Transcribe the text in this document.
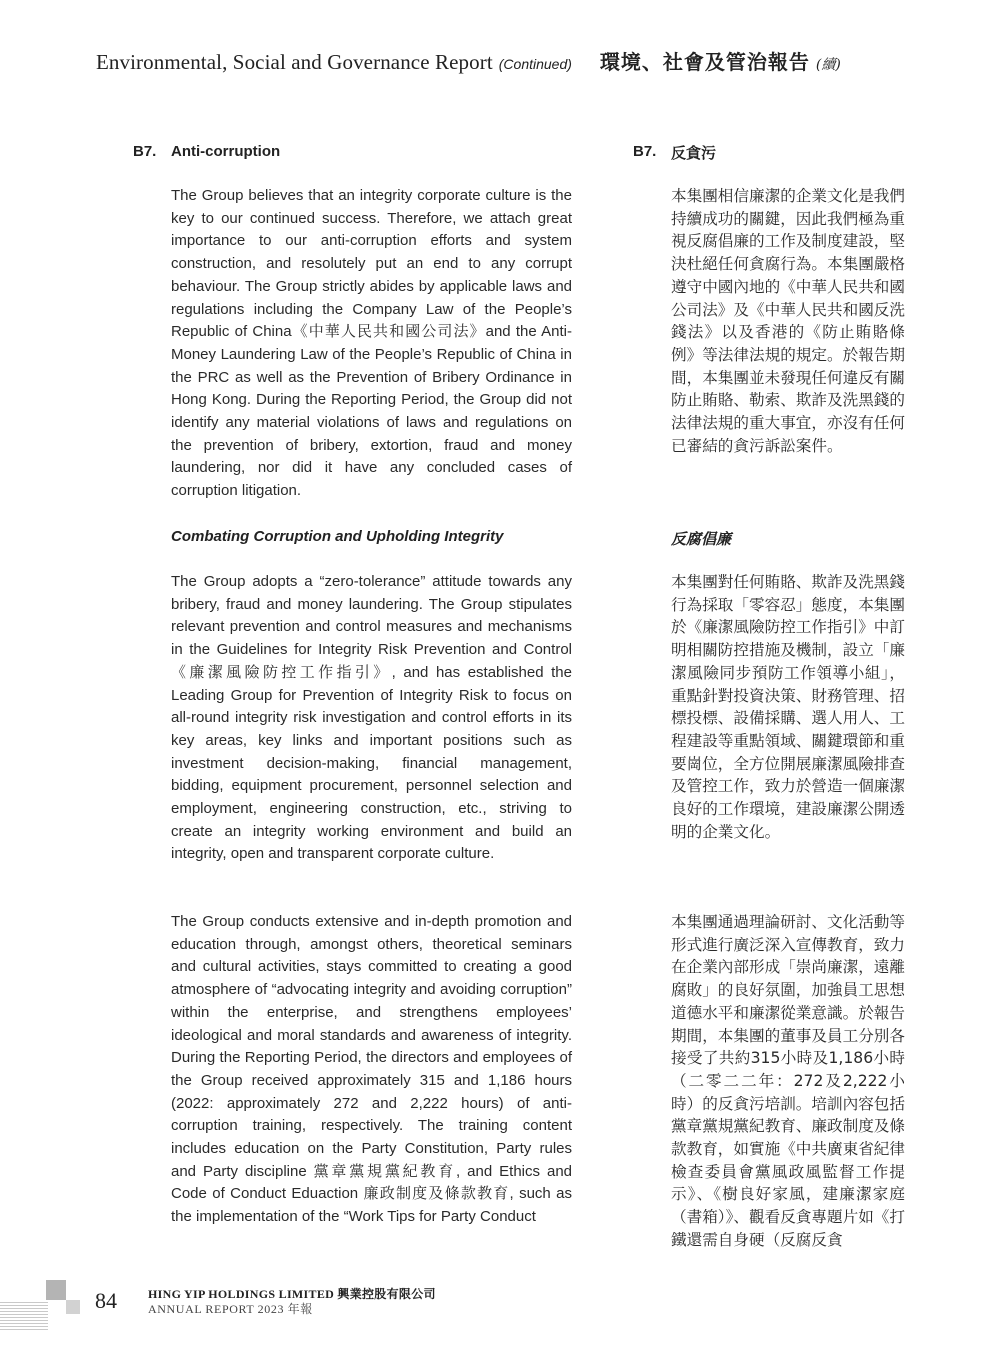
Environmental, Social and Governance Report (Continued) 環境、社會及管治報告 (續)
B7. Anti-corruption	B7. 反貪污

The Group believes that an integrity corporate culture is the key to our continued success. Therefore, we attach great importance to our anti-corruption efforts and system construction, and resolutely put an end to any corrupt behaviour. The Group strictly abides by applicable laws and regulations including the Company Law of the People’s Republic of China《中華人民共和國公司法》and the Anti-Money Laundering Law of the People’s Republic of China in the PRC as well as the Prevention of Bribery Ordinance in Hong Kong. During the Reporting Period, the Group did not identify any material violations of laws and regulations on the prevention of bribery, extortion, fraud and money laundering, nor did it have any concluded cases of corruption litigation.

Combating Corruption and Upholding Integrity

The Group adopts a “zero-tolerance” attitude towards any bribery, fraud and money laundering. The Group stipulates relevant prevention and control measures and mechanisms in the Guidelines for Integrity Risk Prevention and Control《廉潔風險防控工作指引》, and has established the Leading Group for Prevention of Integrity Risk to focus on all-round integrity risk investigation and control efforts in its key areas, key links and important positions such as investment decision-making, financial management, bidding, equipment procurement, personnel selection and employment, engineering construction, etc., striving to create an integrity working environment and build an integrity, open and transparent corporate culture.

The Group conducts extensive and in-depth promotion and education through, amongst others, theoretical seminars and cultural activities, stays committed to creating a good atmosphere of “advocating integrity and avoiding corruption” within the enterprise, and strengthens employees’ ideological and moral standards and awareness of integrity. During the Reporting Period, the directors and employees of the Group received approximately 315 and 1,186 hours (2022: approximately 272 and 2,222 hours) of anti-corruption training, respectively. The training content includes education on the Party Constitution, Party rules and Party discipline 黨章黨規黨紀教育, and Ethics and Code of Conduct Eduaction 廉政制度及條款教育, such as the implementation of the “Work Tips for Party Conduct

本集團相信廉潔的企業文化是我們持續成功的關鍵，因此我們極為重視反腐倡廉的工作及制度建設，堅決杜絕任何貪腐行為。本集團嚴格遵守中國內地的《中華人民共和國公司法》及《中華人民共和國反洗錢法》以及香港的《防止賄賂條例》等法律法規的規定。於報告期間，本集團並未發現任何違反有關防止賄賂、勒索、欺詐及洗黑錢的法律法規的重大事宜，亦沒有任何已審結的貪污訴訟案件。

反腐倡廉

本集團對任何賄賂、欺詐及洗黑錢行為採取「零容忍」態度，本集團於《廉潔風險防控工作指引》中訂明相關防控措施及機制，設立「廉潔風險同步預防工作領導小組」，重點針對投資決策、財務管理、招標投標、設備採購、選人用人、工程建設等重點領域、關鍵環節和重要崗位，全方位開展廉潔風險排查及管控工作，致力於營造一個廉潔良好的工作環境，建設廉潔公開透明的企業文化。

本集團通過理論研討、文化活動等形式進行廣泛深入宣傳教育，致力在企業內部形成「崇尚廉潔，遠離腐敗」的良好氛圍，加強員工思想道德水平和廉潔從業意識。於報告期間，本集團的董事及員工分別各接受了共約315小時及1,186小時（二零二二年：272及2,222小時）的反貪污培訓。培訓內容包括黨章黨規黨紀教育、廉政制度及條款教育，如實施《中共廣東省紀律檢查委員會黨風政風監督工作提示》、《樹良好家風，建廉潔家庭（書箱）》、觀看反貪專題片如《打鐵還需自身硬（反腐反貪

84	HING YIP HOLDINGS LIMITED 興業控股有限公司
ANNUAL REPORT 2023 年報
